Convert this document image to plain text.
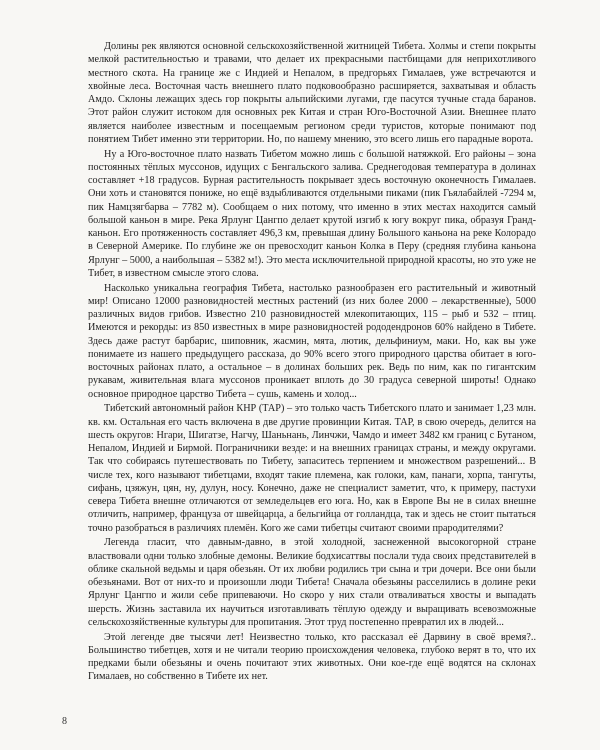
Долины рек являются основной сельскохозяйственной житницей Тибета. Холмы и степи покрыты мелкой растительностью и травами, что делает их прекрасными пастбищами для неприхотливого местного скота. На границе же с Индией и Непалом, в предгорьях Гималаев, уже встречаются и хвойные леса. Восточная часть внешнего плато подковообразно расширяется, захватывая и область Амдо. Склоны лежащих здесь гор покрыты альпийскими лугами, где пасутся тучные стада баранов. Этот район служит истоком для основных рек Китая и стран Юго-Восточной Азии. Внешнее плато является наиболее известным и посещаемым регионом среди туристов, которые понимают под понятием Тибет именно эти территории. Но, по нашему мнению, это всего лишь его парадные ворота.

Ну а Юго-восточное плато назвать Тибетом можно лишь с большой натяжкой. Его районы – зона постоянных тёплых муссонов, идущих с Бенгальского залива. Среднегодовая температура в долинах составляет +18 градусов. Бурная растительность покрывает здесь восточную оконечность Гималаев. Они хоть и становятся пониже, но ещё вздыбливаются отдельными пиками (пик Гьялабайлей -7294 м, пик Намцзягбарва – 7782 м). Сообщаем о них потому, что именно в этих местах находится самый большой каньон в мире. Река Ярлунг Цангпо делает крутой изгиб к югу вокруг пика, образуя Гранд-каньон. Его протяженность составляет 496,3 км, превышая длину Большого каньона на реке Колорадо в Северной Америке. По глубине же он превосходит каньон Колка в Перу (средняя глубина каньона Ярлунг – 5000, а наибольшая – 5382 м!). Это места исключительной природной красоты, но это уже не Тибет, в известном смысле этого слова.

Насколько уникальна география Тибета, настолько разнообразен его растительный и животный мир! Описано 12000 разновидностей местных растений (из них более 2000 – лекарственные), 5000 различных видов грибов. Известно 210 разновидностей млекопитающих, 115 – рыб и 532 – птиц. Имеются и рекорды: из 850 известных в мире разновидностей рододендронов 60% найдено в Тибете. Здесь даже растут барбарис, шиповник, жасмин, мята, лютик, дельфиниум, маки. Но, как вы уже понимаете из нашего предыдущего рассказа, до 90% всего этого природного царства обитает в юго-восточных районах плато, а остальное – в долинах больших рек. Ведь по ним, как по гигантским рукавам, живительная влага муссонов проникает вплоть до 30 градуса северной широты! Однако основное природное царство Тибета – сушь, камень и холод...

Тибетский автономный район КНР (ТАР) – это только часть Тибетского плато и занимает 1,23 млн. кв. км. Остальная его часть включена в две другие провинции Китая. ТАР, в свою очередь, делится на шесть округов: Нгари, Шигатзе, Нагчу, Шаньнань, Линчжи, Чамдо и имеет 3482 км границ с Бутаном, Непалом, Индией и Бирмой. Пограничники везде: и на внешних границах страны, и между округами. Так что собираясь путешествовать по Тибету, запаситесь терпением и множеством разрешений... В числе тех, кого называют тибетцами, входят такие племена, как голоки, кам, панаги, хорпа, тангуты, сифань, цзяжун, цян, ну, дулун, носу. Конечно, даже не специалист заметит, что, к примеру, пастухи севера Тибета внешне отличаются от земледельцев его юга. Но, как в Европе Вы не в силах внешне отличить, например, француза от швейцарца, а бельгийца от голландца, так и здесь не стоит пытаться точно разобраться в различиях племён. Кого же сами тибетцы считают своими прародителями?

Легенда гласит, что давным-давно, в этой холодной, заснеженной высокогорной стране властвовали одни только злобные демоны. Великие бодхисаттвы послали туда своих представителей в облике скальной ведьмы и царя обезьян. От их любви родились три сына и три дочери. Все они были обезьянами. Вот от них-то и произошли люди Тибета! Сначала обезьяны расселились в долине реки Ярлунг Цангпо и жили себе припеваючи. Но скоро у них стали отваливаться хвосты и выпадать шерсть. Жизнь заставила их научиться изготавливать тёплую одежду и выращивать всевозможные сельскохозяйственные культуры для пропитания. Этот труд постепенно превратил их в людей...

Этой легенде две тысячи лет! Неизвестно только, кто рассказал её Дарвину в своё время?.. Большинство тибетцев, хотя и не читали теорию происхождения человека, глубоко верят в то, что их предками были обезьяны и очень почитают этих животных. Они кое-где ещё водятся на склонах Гималаев, но собственно в Тибете их нет.

8
